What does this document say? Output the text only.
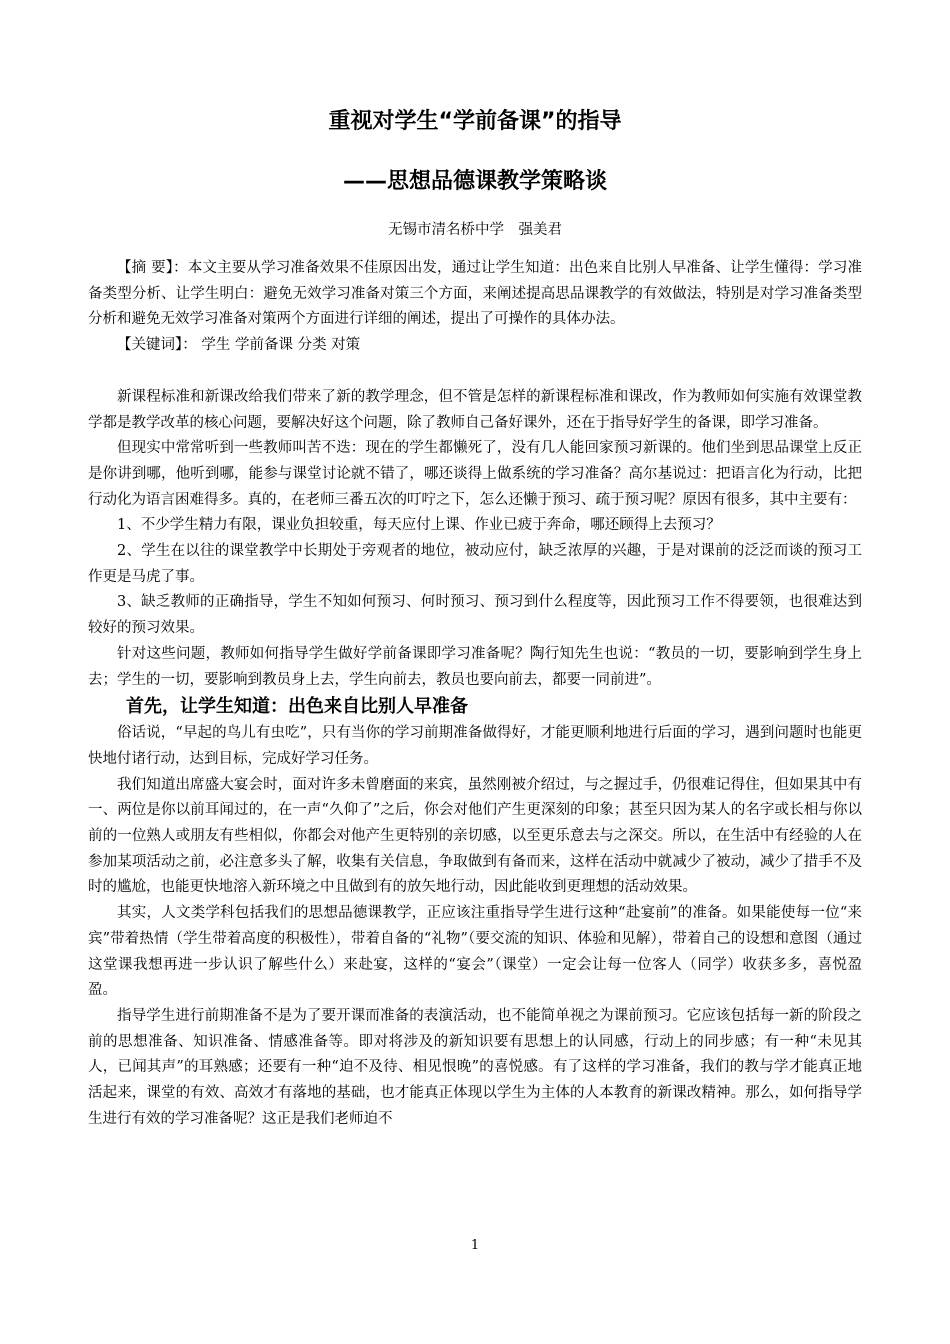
重视对学生“学前备课”的指导
——思想品德课教学策略谈
无锡市清名桥中学　强美君

【摘 要】：本文主要从学习准备效果不佳原因出发，通过让学生知道：出色来自比别人早准备、让学生懂得：学习准备类型分析、让学生明白：避免无效学习准备对策三个方面，来阐述提高思品课教学的有效做法，特别是对学习准备类型分析和避免无效学习准备对策两个方面进行详细的阐述，提出了可操作的具体办法。

【关键词】： 学生 学前备课 分类 对策

新课程标准和新课改给我们带来了新的教学理念，但不管是怎样的新课程标准和课改，作为教师如何实施有效课堂教学都是教学改革的核心问题，要解决好这个问题，除了教师自己备好课外，还在于指导好学生的备课，即学习准备。

但现实中常常听到一些教师叫苦不迭：现在的学生都懒死了，没有几人能回家预习新课的。他们坐到思品课堂上反正是你讲到哪，他听到哪，能参与课堂讨论就不错了，哪还谈得上做系统的学习准备？高尔基说过：把语言化为行动，比把行动化为语言困难得多。真的，在老师三番五次的叮咛之下，怎么还懒于预习、疏于预习呢？原因有很多，其中主要有：

1、不少学生精力有限，课业负担较重，每天应付上课、作业已疲于奔命，哪还顾得上去预习？

2、学生在以往的课堂教学中长期处于旁观者的地位，被动应付，缺乏浓厚的兴趣，于是对课前的泛泛而谈的预习工作更是马虎了事。

3、缺乏教师的正确指导，学生不知如何预习、何时预习、预习到什么程度等，因此预习工作不得要领，也很难达到较好的预习效果。

针对这些问题，教师如何指导学生做好学前备课即学习准备呢？陶行知先生也说：“教员的一切，要影响到学生身上去；学生的一切，要影响到教员身上去，学生向前去，教员也要向前去，都要一同前进”。

首先，让学生知道：出色来自比别人早准备

俗话说，“早起的鸟儿有虫吃”，只有当你的学习前期准备做得好，才能更顺利地进行后面的学习，遇到问题时也能更快地付诸行动，达到目标，完成好学习任务。

我们知道出席盛大宴会时，面对许多未曾磨面的来宾，虽然刚被介绍过，与之握过手，仍很难记得住，但如果其中有一、两位是你以前耳闻过的，在一声“久仰了”之后，你会对他们产生更深刻的印象；甚至只因为某人的名字或长相与你以前的一位熟人或朋友有些相似，你都会对他产生更特别的亲切感，以至更乐意去与之深交。所以，在生活中有经验的人在参加某项活动之前，必注意多头了解，收集有关信息，争取做到有备而来，这样在活动中就减少了被动，减少了措手不及时的尴尬，也能更快地溶入新环境之中且做到有的放矢地行动，因此能收到更理想的活动效果。

其实，人文类学科包括我们的思想品德课教学，正应该注重指导学生进行这种“赴宴前”的准备。如果能使每一位“来宾”带着热情（学生带着高度的积极性），带着自备的“礼物”（要交流的知识、体验和见解），带着自己的设想和意图（通过这堂课我想再进一步认识了解些什么）来赴宴，这样的“宴会”（课堂）一定会让每一位客人（同学）收获多多，喜悦盈盈。

指导学生进行前期准备不是为了要开课而准备的表演活动，也不能简单视之为课前预习。它应该包括每一新的阶段之前的思想准备、知识准备、情感准备等。即对将涉及的新知识要有思想上的认同感，行动上的同步感；有一种“未见其人，已闻其声”的耳熟感；还要有一种“迫不及待、相见恨晚”的喜悦感。有了这样的学习准备，我们的教与学才能真正地活起来，课堂的有效、高效才有落地的基础，也才能真正体现以学生为主体的人本教育的新课改精神。那么，如何指导学生进行有效的学习准备呢？这正是我们老师迫不

1
